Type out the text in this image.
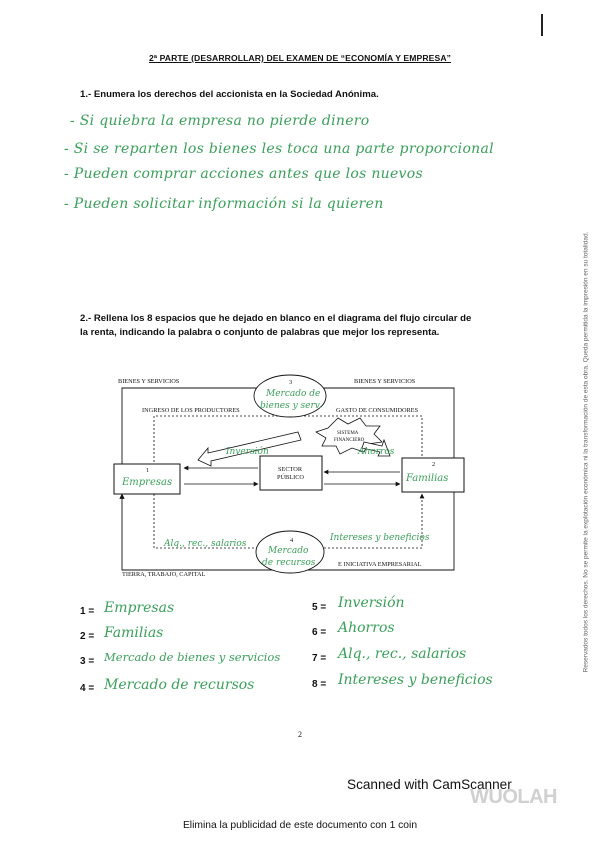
2ª PARTE (DESARROLLAR) DEL EXAMEN DE “ECONOMÍA Y EMPRESA”
1.- Enumera los derechos del accionista en la Sociedad Anónima.
- Si quiebra la empresa no pierde dinero
- Si se reparten los bienes les toca una parte proporcional
- Pueden comprar acciones antes que los nuevos
- Pueden solicitar información si la quieren
Reservados todos los derechos. No se permite la explotación económica ni la transformación de esta obra. Queda permitida la impresión en su totalidad.
2.- Rellena los 8 espacios que he dejado en blanco en el diagrama del flujo circular de la renta, indicando la palabra o conjunto de palabras que mejor los representa.
1
Empresas
2
Familias
SECTOR
PÚBLICO
SISTEMA
FINANCIERO
Inversión	Ahorros
3
Mercado de
bienes y serv.
4
Mercado
de recursos
BIENES Y SERVICIOS	BIENES Y SERVICIOS
INGRESO DE LOS PRODUCTORES	GASTO DE CONSUMIDORES
TIERRA, TRABAJO, CAPITAL
E INICIATIVA EMPRESARIAL
Alq., rec., salarios
Intereses y beneficios
1 = Empresas
2 = Familias
3 = Mercado de bienes y servicios
4 = Mercado de recursos
5 = Inversión
6 = Ahorros
7 = Alq., rec., salarios
8 = Intereses y beneficios
2
WUOLAH
Scanned with CamScanner
Elimina la publicidad de este documento con 1 coin
